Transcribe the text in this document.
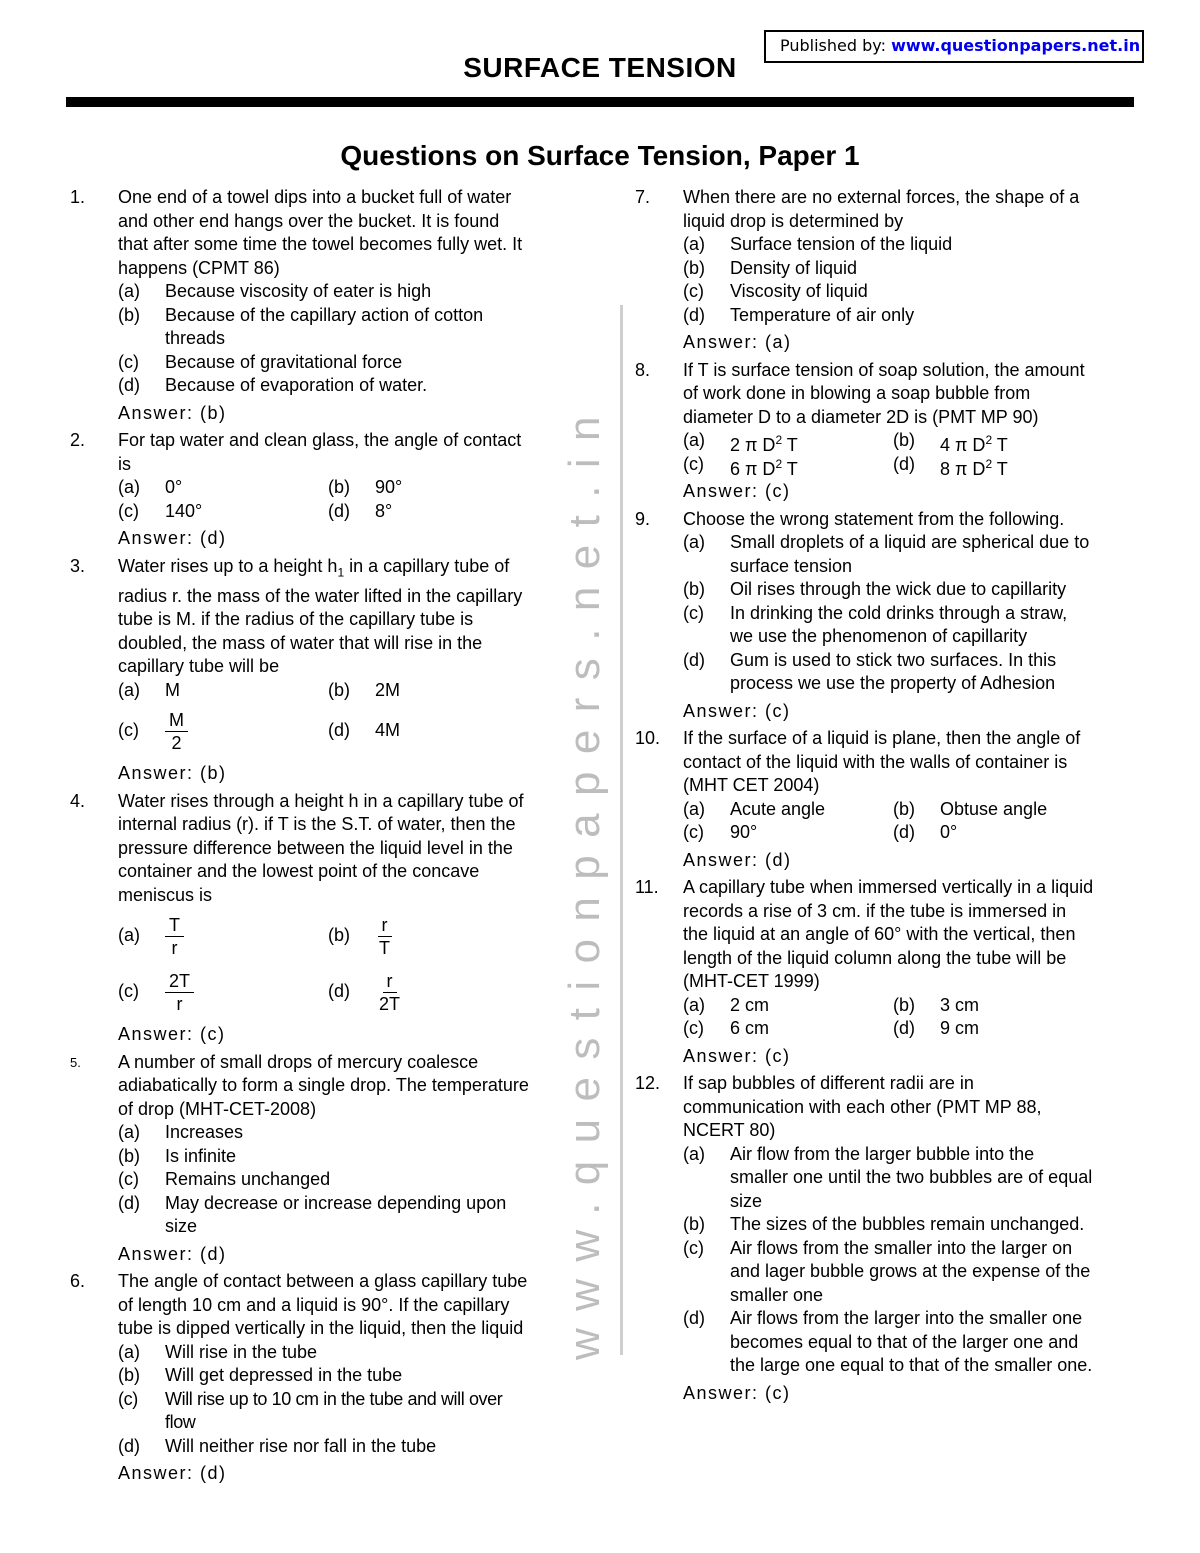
Published by: www.questionpapers.net.in
SURFACE TENSION
Questions on Surface Tension, Paper 1
www.questionpapers.net.in
1. One end of a towel dips into a bucket full of water and other end hangs over the bucket. It is found that after some time the towel becomes fully wet. It happens (CPMT 86)
(a) Because viscosity of eater is high
(b) Because of the capillary action of cotton threads
(c) Because of gravitational force
(d) Because of evaporation of water.
Answer: (b)
2. For tap water and clean glass, the angle of contact is
(a) 0°	(b) 90°
(c) 140°	(d) 8°
Answer: (d)
3. Water rises up to a height $h_1$ in a capillary tube of radius r. the mass of the water lifted in the capillary tube is M. if the radius of the capillary tube is doubled, the mass of water that will rise in the capillary tube will be
(a) M	(b) 2M
$(c) \frac{M}{2}$	(d) 4M
Answer: (b)
4. Water rises through a height h in a capillary tube of internal radius (r). if T is the S.T. of water, then the pressure difference between the liquid level in the container and the lowest point of the concave meniscus is
$(a) \frac{T}{r}$	$(b) \frac{r}{T}$
$(c) \frac{2T}{r}$	$(d) \frac{r}{2T}$
Answer: (c)
5. A number of small drops of mercury coalesce adiabatically to form a single drop. The temperature of drop (MHT-CET-2008)
(a) Increases
(b) Is infinite
(c) Remains unchanged
(d) May decrease or increase depending upon size
Answer: (d)
6. The angle of contact between a glass capillary tube of length 10 cm and a liquid is 90°. If the capillary tube is dipped vertically in the liquid, then the liquid
(a) Will rise in the tube
(b) Will get depressed in the tube
(c) Will rise up to 10 cm in the tube and will over flow
(d) Will neither rise nor fall in the tube
Answer: (d)
7. When there are no external forces, the shape of a liquid drop is determined by
(a) Surface tension of the liquid
(b) Density of liquid
(c) Viscosity of liquid
(d) Temperature of air only
Answer: (a)
8. If T is surface tension of soap solution, the amount of work done in blowing a soap bubble from diameter D to a diameter 2D is (PMT MP 90)
(a) 2 π $D^2$ T	(b) 4 π $D^2$ T
(c) 6 π $D^2$ T	(d) 8 π $D^2$ T
Answer: (c)
9. Choose the wrong statement from the following.
(a) Small droplets of a liquid are spherical due to surface tension
(b) Oil rises through the wick due to capillarity
(c) In drinking the cold drinks through a straw, we use the phenomenon of capillarity
(d) Gum is used to stick two surfaces. In this process we use the property of Adhesion
Answer: (c)
10. If the surface of a liquid is plane, then the angle of contact of the liquid with the walls of container is (MHT CET 2004)
(a) Acute angle	(b) Obtuse angle
(c) 90°	(d) 0°
Answer: (d)
11. A capillary tube when immersed vertically in a liquid records a rise of 3 cm. if the tube is immersed in the liquid at an angle of 60° with the vertical, then length of the liquid column along the tube will be
(MHT-CET 1999)
(a) 2 cm	(b) 3 cm
(c) 6 cm	(d) 9 cm
Answer: (c)
12. If sap bubbles of different radii are in communication with each other (PMT MP 88, NCERT 80)
(a) Air flow from the larger bubble into the smaller one until the two bubbles are of equal size
(b) The sizes of the bubbles remain unchanged.
(c) Air flows from the smaller into the larger on and lager bubble grows at the expense of the smaller one
(d) Air flows from the larger into the smaller one becomes equal to that of the larger one and the large one equal to that of the smaller one.
Answer: (c)
